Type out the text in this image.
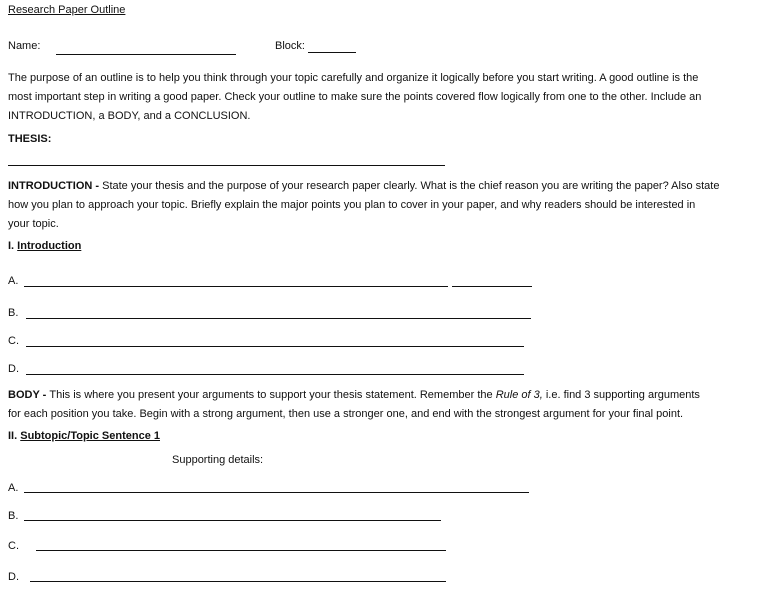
Research Paper Outline
Name:	Block:
The purpose of an outline is to help you think through your topic carefully and organize it logically before you start writing. A good outline is the
most important step in writing a good paper. Check your outline to make sure the points covered flow logically from one to the other. Include an
INTRODUCTION, a BODY, and a CONCLUSION.
THESIS:
INTRODUCTION - State your thesis and the purpose of your research paper clearly. What is the chief reason you are writing the paper? Also state
how you plan to approach your topic. Briefly explain the major points you plan to cover in your paper, and why readers should be interested in
your topic.
I. Introduction
A.
B.
C.
D.
BODY - This is where you present your arguments to support your thesis statement. Remember the Rule of 3, i.e. find 3 supporting arguments
for each position you take. Begin with a strong argument, then use a stronger one, and end with the strongest argument for your final point.
II. Subtopic/Topic Sentence 1
Supporting details:
A.
B.
C.
D.
